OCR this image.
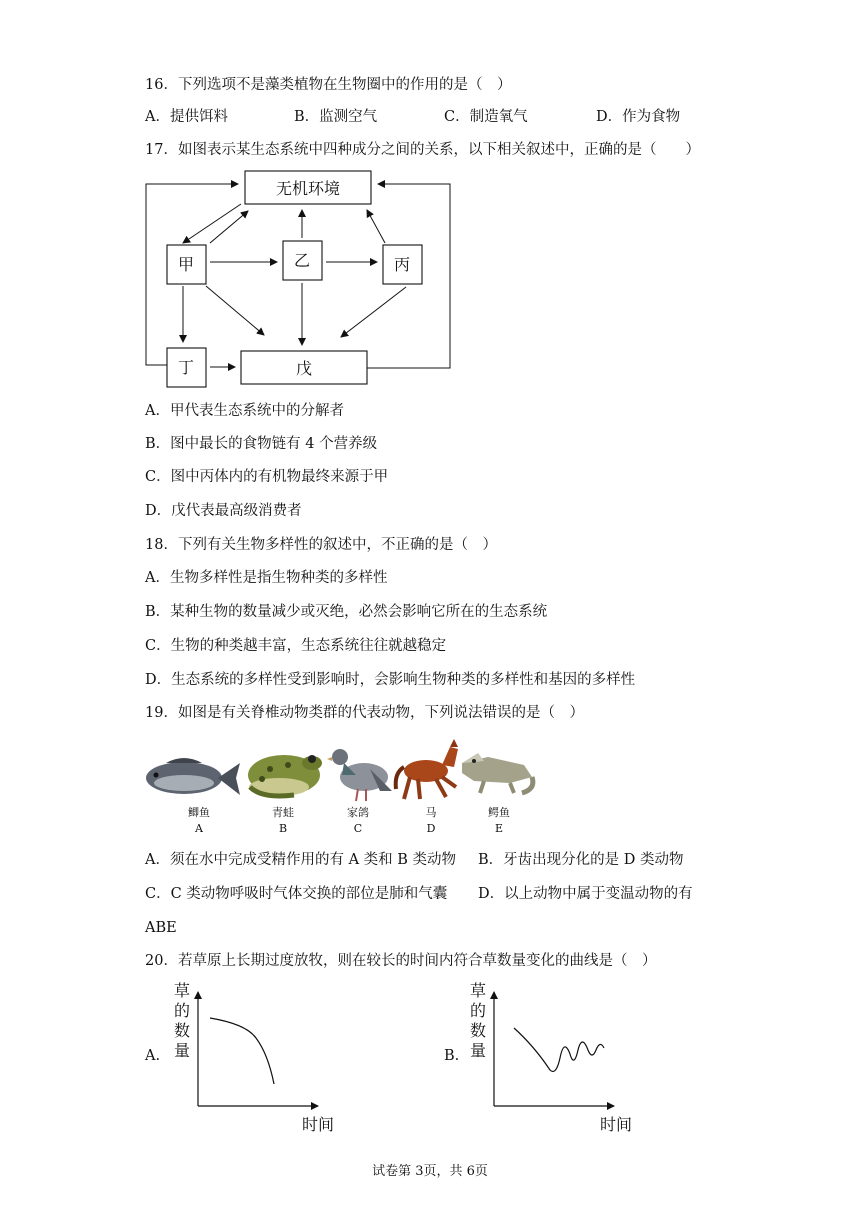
16．下列选项不是藻类植物在生物圈中的作用的是（　）
A．提供饵料	B．监测空气	C．制造氧气	D．作为食物
17．如图表示某生态系统中四种成分之间的关系，以下相关叙述中，正确的是（　　）
无机环境
甲	乙	丙
丁	戊
A．甲代表生态系统中的分解者
B．图中最长的食物链有 4 个营养级
C．图中丙体内的有机物最终来源于甲
D．戊代表最高级消费者
18．下列有关生物多样性的叙述中，不正确的是（　）
A．生物多样性是指生物种类的多样性
B．某种生物的数量减少或灭绝，必然会影响它所在的生态系统
C．生物的种类越丰富，生态系统往往就越稳定
D．生态系统的多样性受到影响时，会影响生物种类的多样性和基因的多样性
19．如图是有关脊椎动物类群的代表动物，下列说法错误的是（　）
鲫鱼
A
青蛙
B
家鸽
C
马
D
鳄鱼
E
A．须在水中完成受精作用的有 A 类和 B 类动物 B．牙齿出现分化的是 D 类动物
C．C 类动物呼吸时气体交换的部位是肺和气囊 D．以上动物中属于变温动物的有
ABE
20．若草原上长期过度放牧，则在较长的时间内符合草数量变化的曲线是（　）
A.
草
的
数
量
时间
B.
草
的
数
量
时间
试卷第 3页，共 6页
